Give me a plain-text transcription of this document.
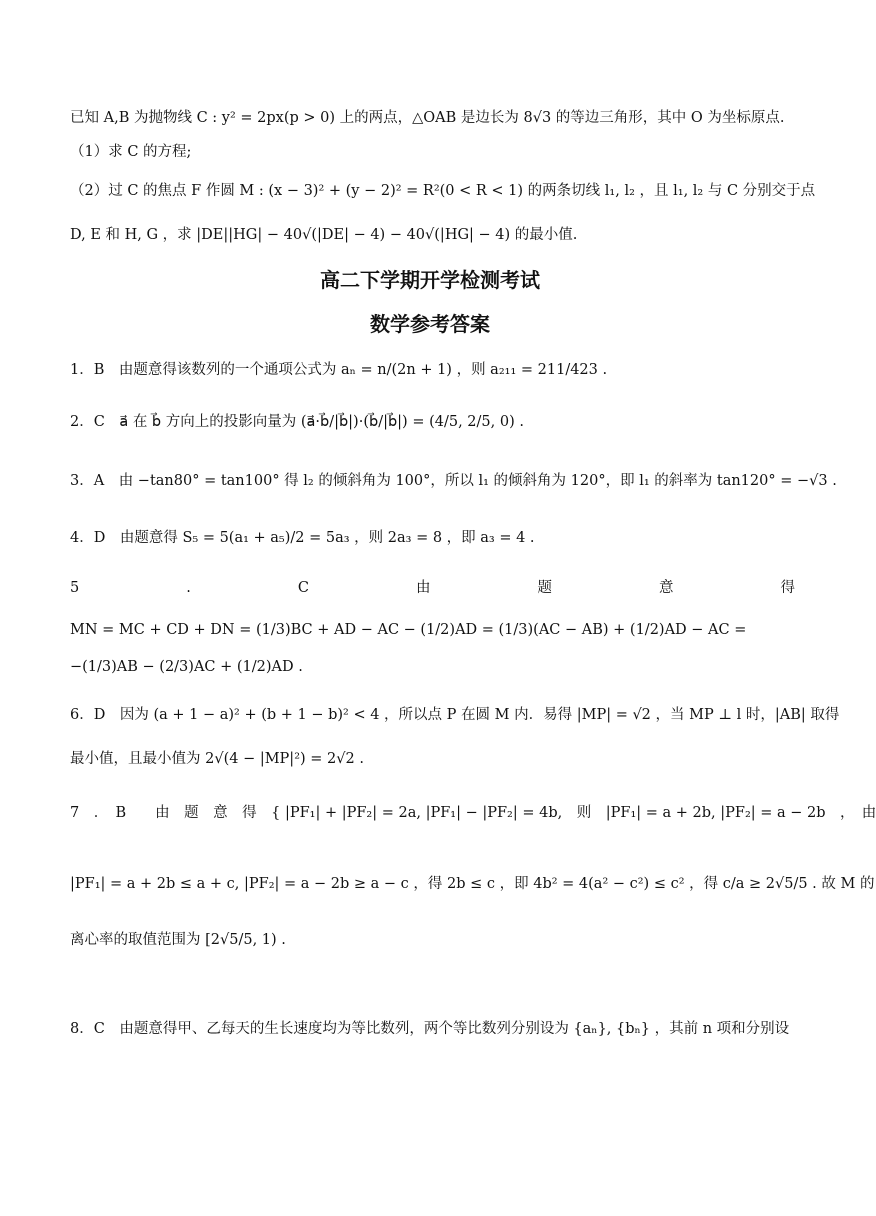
已知 A,B 为抛物线 C : y² = 2px(p > 0) 上的两点，△OAB 是边长为 8√3 的等边三角形，其中 O 为坐标原点.
（1）求 C 的方程;
（2）过 C 的焦点 F 作圆 M : (x − 3)² + (y − 2)² = R²(0 < R < 1) 的两条切线 l₁, l₂ ，且 l₁, l₂ 与 C 分别交于点
D, E 和 H, G ，求 |DE||HG| − 40√(|DE| − 4) − 40√(|HG| − 4) 的最小值.
高二下学期开学检测考试
数学参考答案
1．B　由题意得该数列的一个通项公式为 aₙ = n/(2n + 1) ，则 a₂₁₁ = 211/423 .
2．C　a⃗ 在 b⃗ 方向上的投影向量为 (a⃗·b⃗/|b⃗|)·(b⃗/|b⃗|) = (4/5, 2/5, 0) .
3．A　由 −tan80° = tan100° 得 l₂ 的倾斜角为 100°，所以 l₁ 的倾斜角为 120°，即 l₁ 的斜率为 tan120° = −√3 .
4．D　由题意得 S₅ = 5(a₁ + a₅)/2 = 5a₃ ，则 2a₃ = 8 ，即 a₃ = 4 .
5	.	C	由	题	意	得
MN = MC + CD + DN = (1/3)BC + AD − AC − (1/2)AD = (1/3)(AC − AB) + (1/2)AD − AC =
−(1/3)AB − (2/3)AC + (1/2)AD .
6．D　因为 (a + 1 − a)² + (b + 1 − b)² < 4 ，所以点 P 在圆 M 内．易得 |MP| = √2 ，当 MP ⊥ l 时，|AB| 取得
最小值，且最小值为 2√(4 − |MP|²) = 2√2 .
7　．　B　　由　题　意　得　{ |PF₁| + |PF₂| = 2a, |PF₁| − |PF₂| = 4b,　则　|PF₁| = a + 2b, |PF₂| = a − 2b　，　由
|PF₁| = a + 2b ≤ a + c, |PF₂| = a − 2b ≥ a − c ，得 2b ≤ c ，即 4b² = 4(a² − c²) ≤ c² ，得 c/a ≥ 2√5/5 . 故 M 的
离心率的取值范围为 [2√5/5, 1) .
8．C　由题意得甲、乙每天的生长速度均为等比数列，两个等比数列分别设为 {aₙ}, {bₙ} ，其前 n 项和分别设
